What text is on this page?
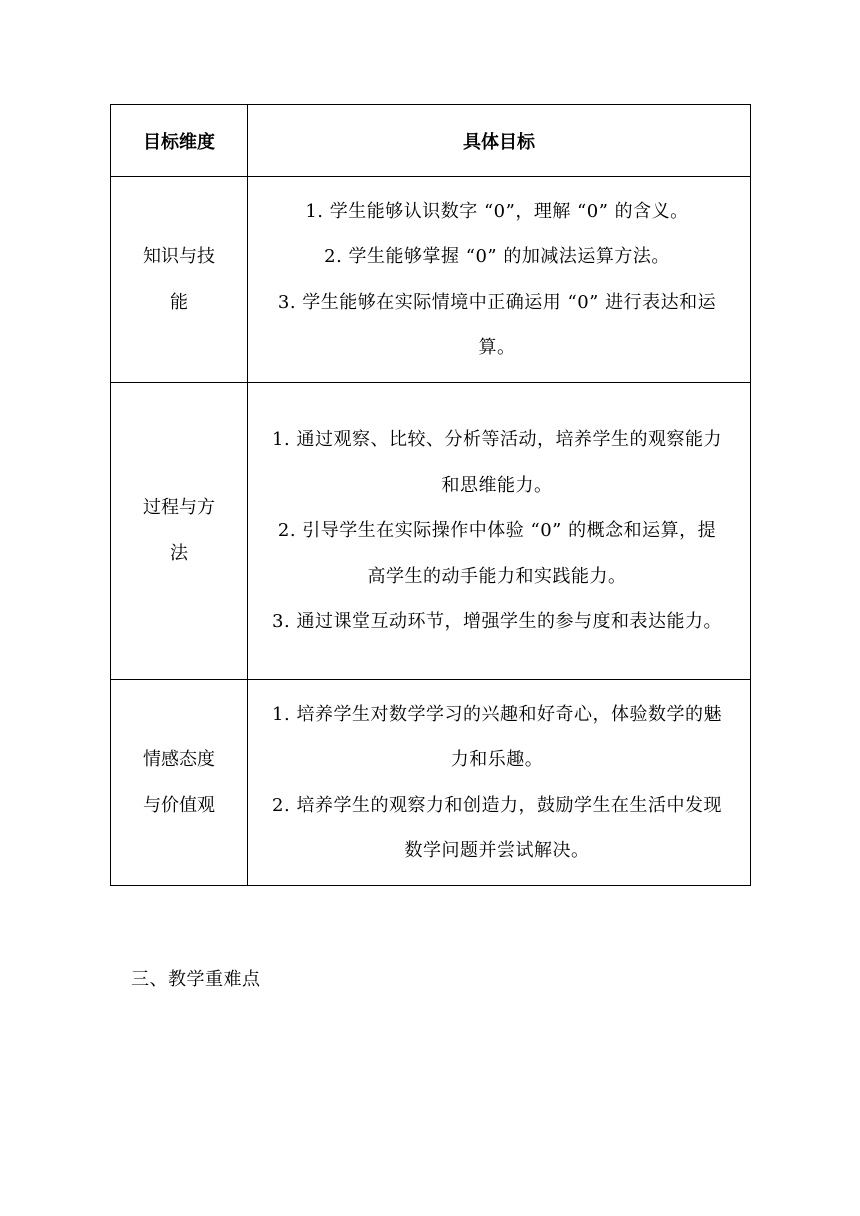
目标维度	具体目标

知识与技能	1. 学生能够认识数字 “0”，理解 “0” 的含义。
2. 学生能够掌握 “0” 的加减法运算方法。
3. 学生能够在实际情境中正确运用 “0” 进行表达和运算。

过程与方法	1. 通过观察、比较、分析等活动，培养学生的观察能力和思维能力。
2. 引导学生在实际操作中体验 “0” 的概念和运算，提高学生的动手能力和实践能力。
3. 通过课堂互动环节，增强学生的参与度和表达能力。

情感态度与价值观	1. 培养学生对数学学习的兴趣和好奇心，体验数学的魅力和乐趣。
2. 培养学生的观察力和创造力，鼓励学生在生活中发现数学问题并尝试解决。
三、教学重难点
